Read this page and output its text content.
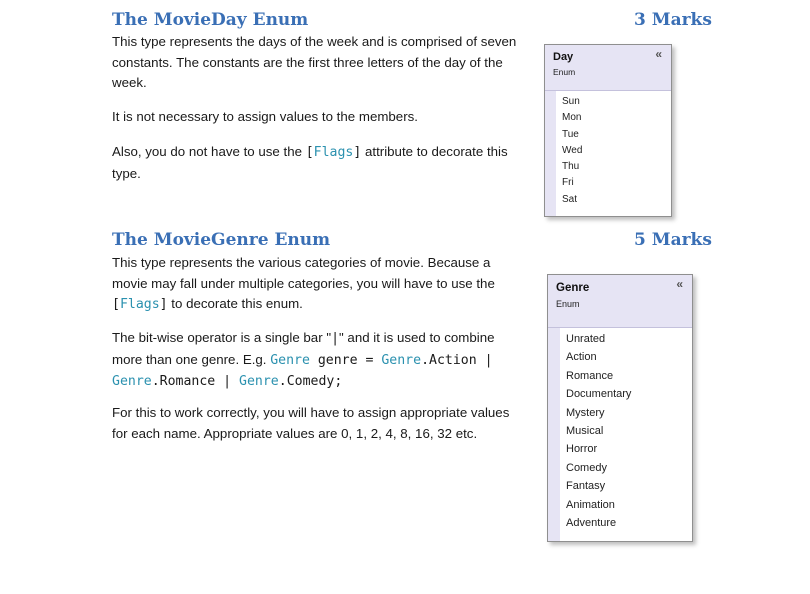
The MovieDay Enum	3 Marks

This type represents the days of the week and is comprised of seven constants. The constants are the first three letters of the day of the week.

It is not necessary to assign values to the members.

Also, you do not have to use the [Flags] attribute to decorate this type.

Day
Enum
«
Sun
Mon
Tue
Wed
Thu
Fri
Sat
The MovieGenre Enum	5 Marks

This type represents the various categories of movie. Because a movie may fall under multiple categories, you will have to use the [Flags] to decorate this enum.

The bit-wise operator is a single bar "|" and it is used to combine more than one genre. E.g. Genre genre = Genre.Action | Genre.Romance | Genre.Comedy;

For this to work correctly, you will have to assign appropriate values for each name. Appropriate values are 0, 1, 2, 4, 8, 16, 32 etc.

Genre
Enum
«
Unrated
Action
Romance
Documentary
Mystery
Musical
Horror
Comedy
Fantasy
Animation
Adventure
